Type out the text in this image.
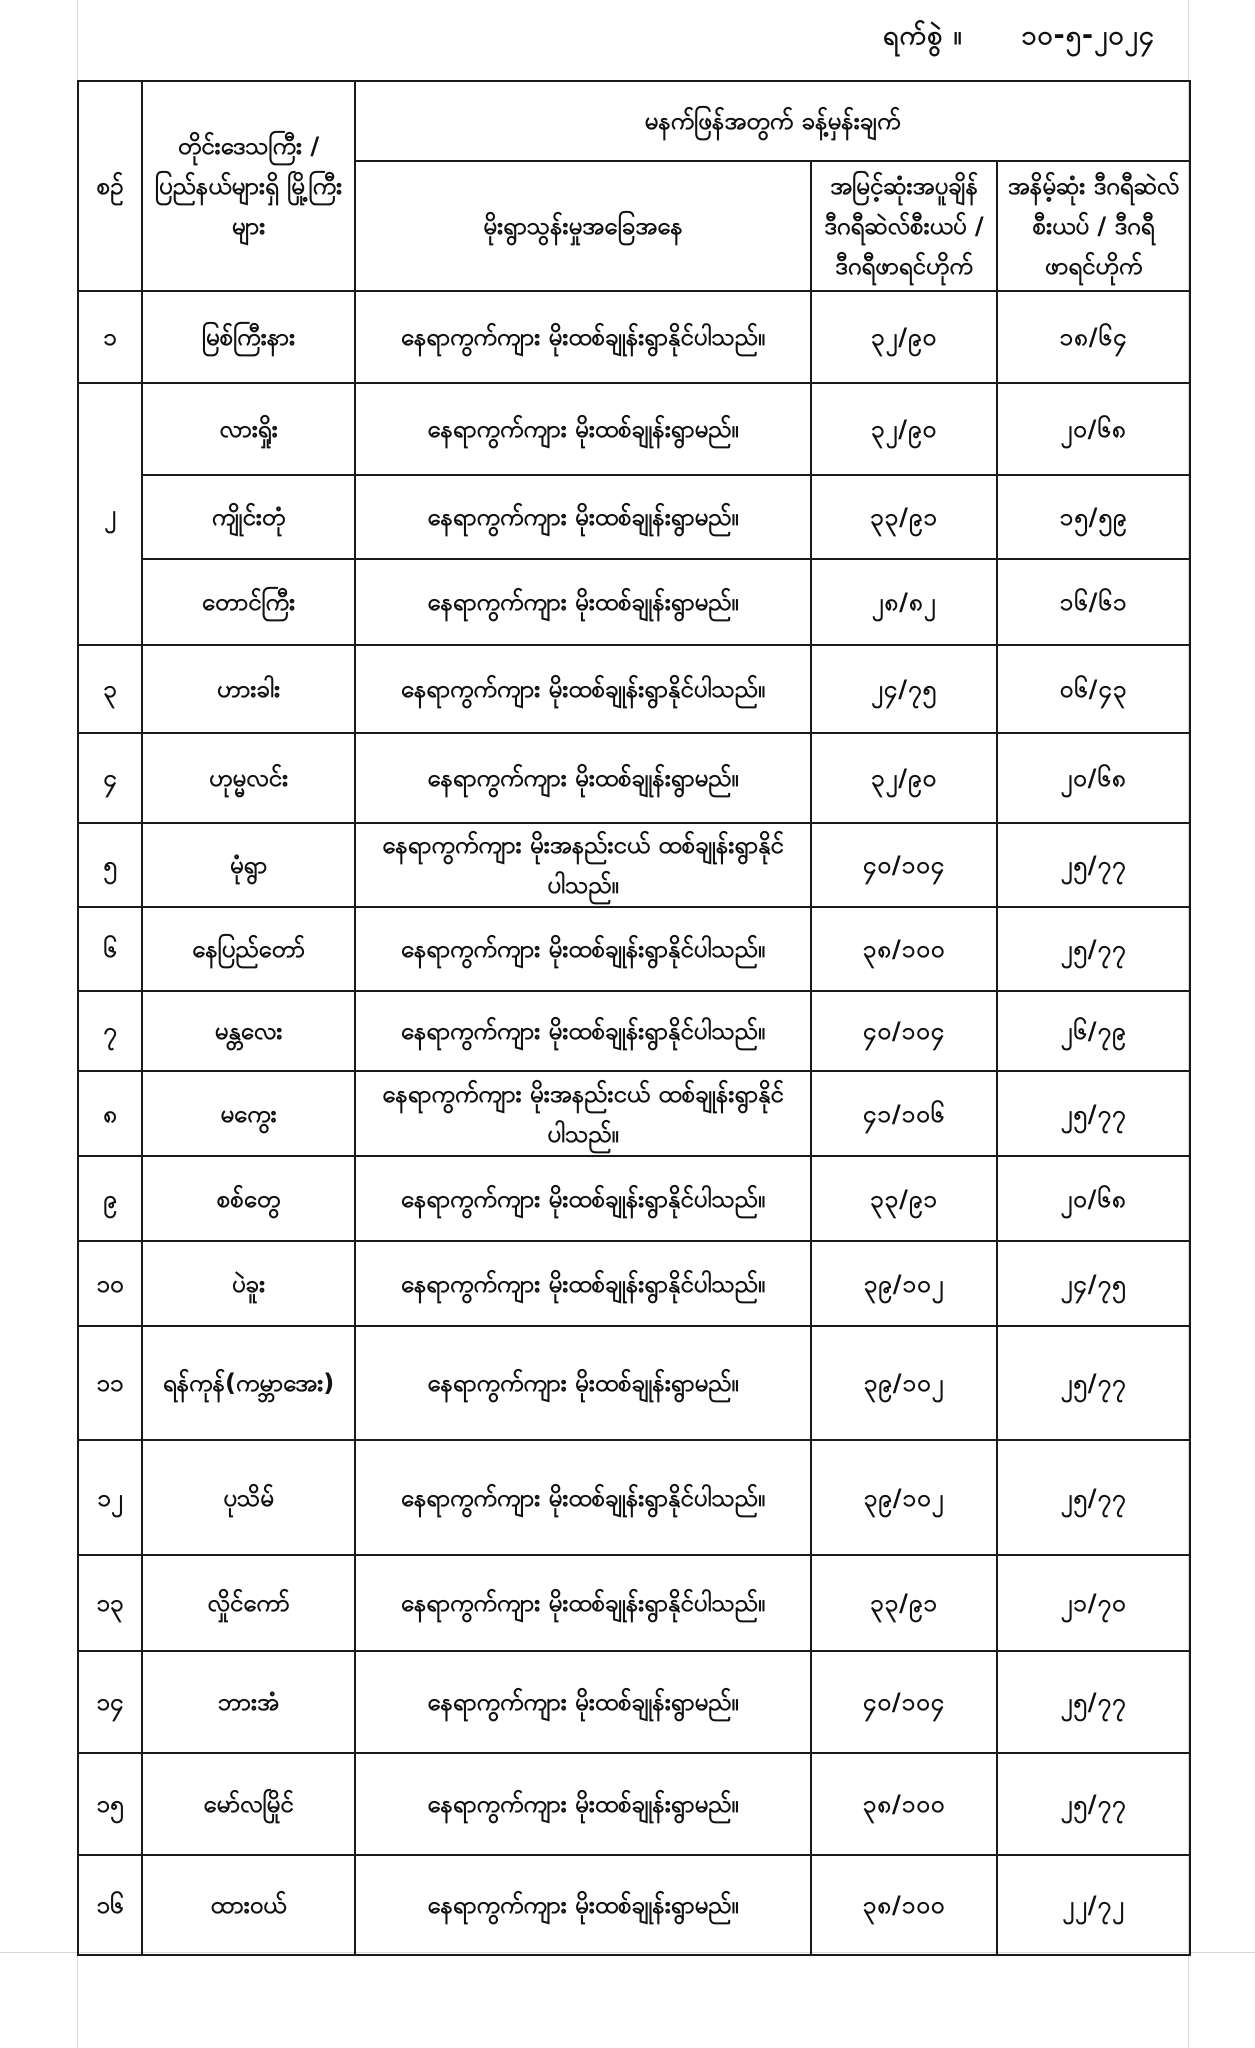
ရက်စွဲ ။ ၁၀-၅-၂၀၂၄
စဉ်	တိုင်းဒေသကြီး / ပြည်နယ်များရှိ မြို့ကြီးများ	မနက်ဖြန်အတွက် ခန့်မှန်းချက်		
		မိုးရွာသွန်းမှုအခြေအနေ	အမြင့်ဆုံးအပူချိန် ဒီဂရီဆဲလ်စီးယပ် /ဒီဂရီဖာရင်ဟိုက်	အနိမ့်ဆုံး ဒီဂရီဆဲလ်စီးယပ် / ဒီဂရီဖာရင်ဟိုက်
၁	မြစ်ကြီးနား	နေရာကွက်ကျား မိုးထစ်ချုန်းရွာနိုင်ပါသည်။	၃၂/၉၀	၁၈/၆၄
၂	လားရှိုး	နေရာကွက်ကျား မိုးထစ်ချုန်းရွာမည်။	၃၂/၉၀	၂၀/၆၈
	ကျိုင်းတုံ	နေရာကွက်ကျား မိုးထစ်ချုန်းရွာမည်။	၃၃/၉၁	၁၅/၅၉
	တောင်ကြီး	နေရာကွက်ကျား မိုးထစ်ချုန်းရွာမည်။	၂၈/၈၂	၁၆/၆၁
၃	ဟားခါး	နေရာကွက်ကျား မိုးထစ်ချုန်းရွာနိုင်ပါသည်။	၂၄/၇၅	၀၆/၄၃
၄	ဟုမ္မလင်း	နေရာကွက်ကျား မိုးထစ်ချုန်းရွာမည်။	၃၂/၉၀	၂၀/၆၈
၅	မုံရွာ	နေရာကွက်ကျား မိုးအနည်းငယ် ထစ်ချုန်းရွာနိုင်ပါသည်။	၄၀/၁၀၄	၂၅/၇၇
၆	နေပြည်တော်	နေရာကွက်ကျား မိုးထစ်ချုန်းရွာနိုင်ပါသည်။	၃၈/၁၀၀	၂၅/၇၇
၇	မန္တလေး	နေရာကွက်ကျား မိုးထစ်ချုန်းရွာနိုင်ပါသည်။	၄၀/၁၀၄	၂၆/၇၉
၈	မကွေး	နေရာကွက်ကျား မိုးအနည်းငယ် ထစ်ချုန်းရွာနိုင်ပါသည်။	၄၁/၁၀၆	၂၅/၇၇
၉	စစ်တွေ	နေရာကွက်ကျား မိုးထစ်ချုန်းရွာနိုင်ပါသည်။	၃၃/၉၁	၂၀/၆၈
၁၀	ပဲခူး	နေရာကွက်ကျား မိုးထစ်ချုန်းရွာနိုင်ပါသည်။	၃၉/၁၀၂	၂၄/၇၅
၁၁	ရန်ကုန်(ကမ္ဘာအေး)	နေရာကွက်ကျား မိုးထစ်ချုန်းရွာမည်။	၃၉/၁၀၂	၂၅/၇၇
၁၂	ပုသိမ်	နေရာကွက်ကျား မိုးထစ်ချုန်းရွာနိုင်ပါသည်။	၃၉/၁၀၂	၂၅/၇၇
၁၃	လှိုင်ကော်	နေရာကွက်ကျား မိုးထစ်ချုန်းရွာနိုင်ပါသည်။	၃၃/၉၁	၂၁/၇၀
၁၄	ဘားအံ	နေရာကွက်ကျား မိုးထစ်ချုန်းရွာမည်။	၄၀/၁၀၄	၂၅/၇၇
၁၅	မော်လမြိုင်	နေရာကွက်ကျား မိုးထစ်ချုန်းရွာမည်။	၃၈/၁၀၀	၂၅/၇၇
၁၆	ထားဝယ်	နေရာကွက်ကျား မိုးထစ်ချုန်းရွာမည်။	၃၈/၁၀၀	၂၂/၇၂
